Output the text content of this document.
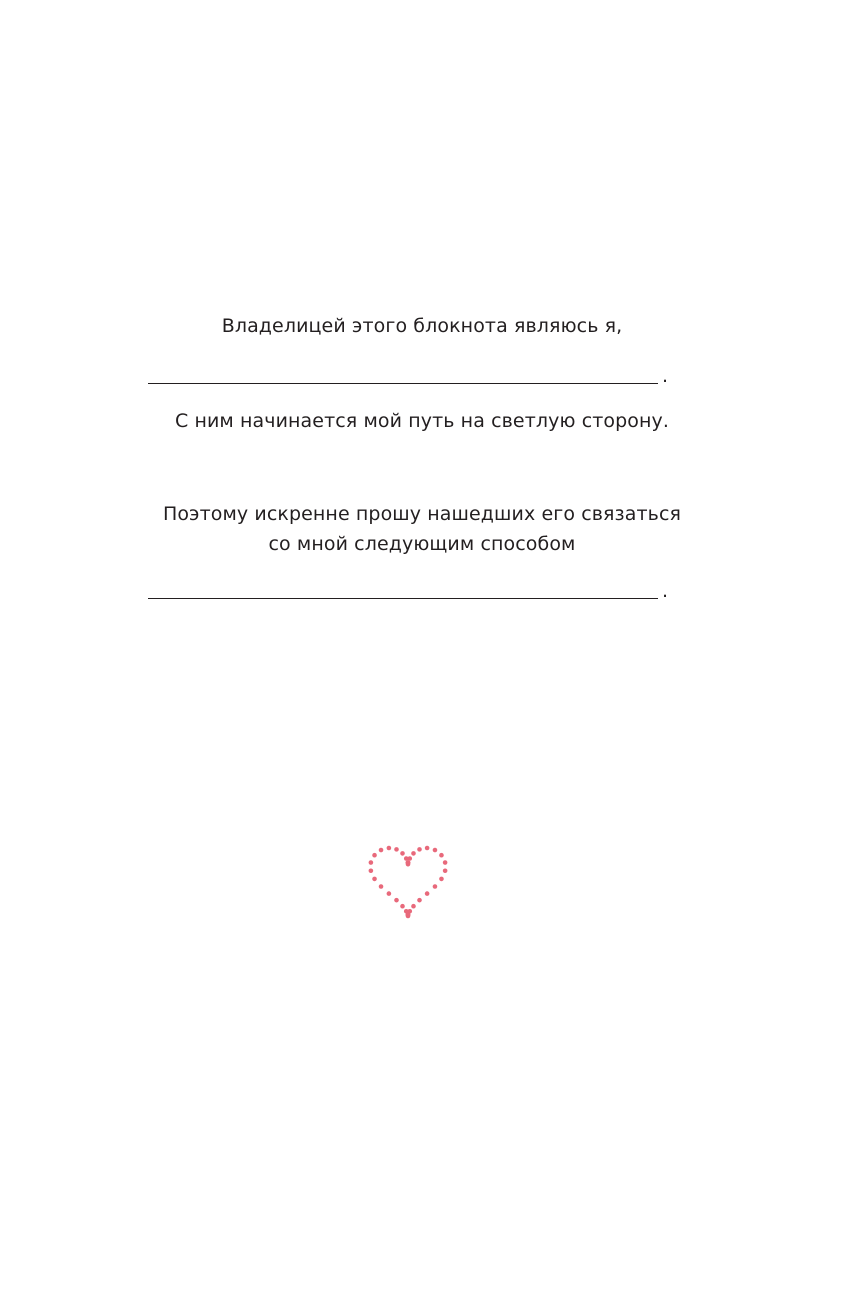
Владелицей этого блокнота являюсь я,
.
С ним начинается мой путь на светлую сторону.
Поэтому искренне прошу нашедших его связаться
со мной следующим способом
.
